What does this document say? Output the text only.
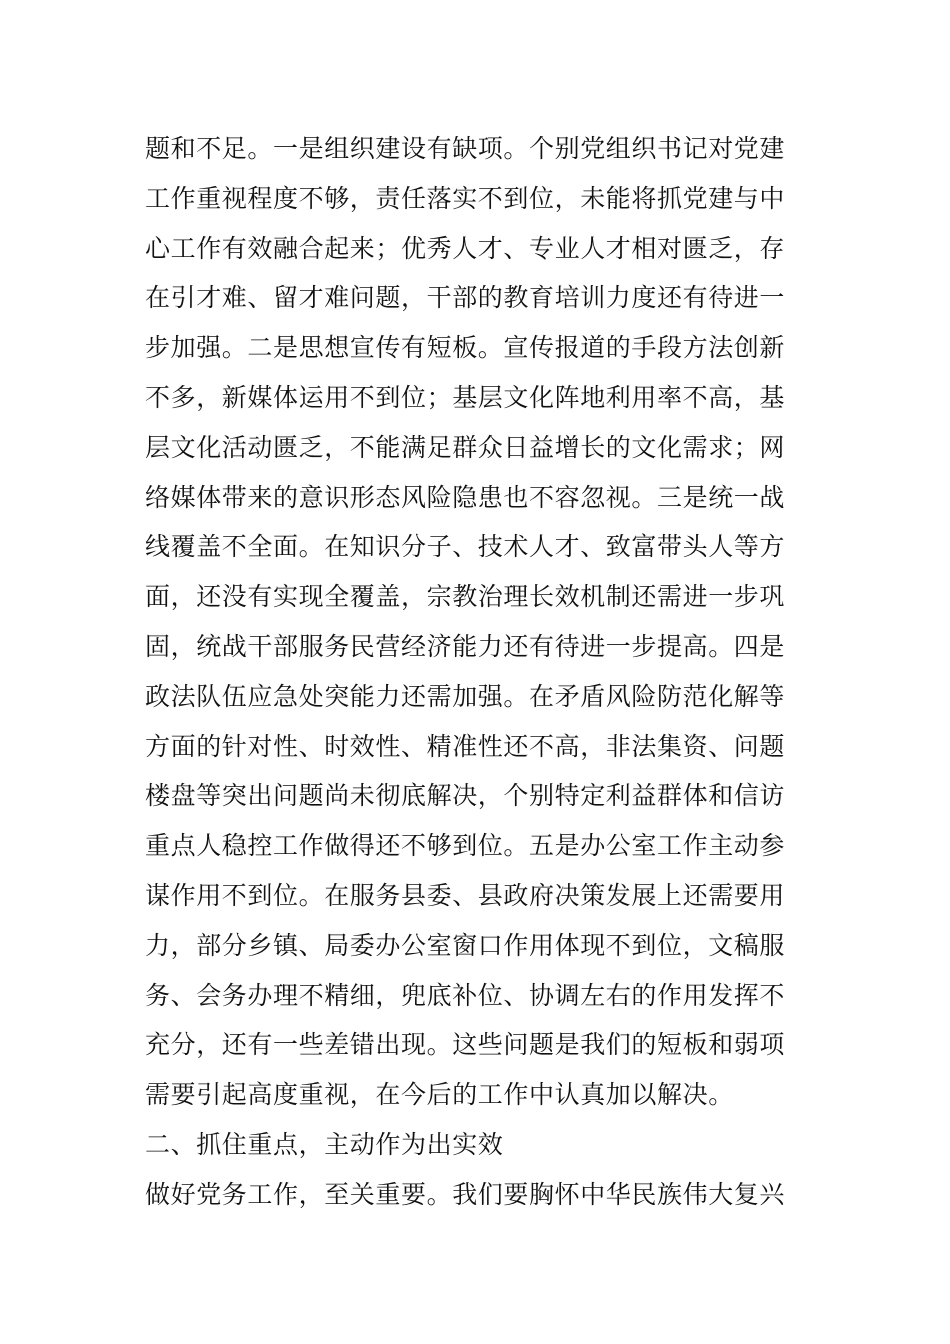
题和不足。一是组织建设有缺项。个别党组织书记对党建
工作重视程度不够，责任落实不到位，未能将抓党建与中
心工作有效融合起来；优秀人才、专业人才相对匮乏，存
在引才难、留才难问题，干部的教育培训力度还有待进一
步加强。二是思想宣传有短板。宣传报道的手段方法创新
不多，新媒体运用不到位；基层文化阵地利用率不高，基
层文化活动匮乏，不能满足群众日益增长的文化需求；网
络媒体带来的意识形态风险隐患也不容忽视。三是统一战
线覆盖不全面。在知识分子、技术人才、致富带头人等方
面，还没有实现全覆盖，宗教治理长效机制还需进一步巩
固，统战干部服务民营经济能力还有待进一步提高。四是
政法队伍应急处突能力还需加强。在矛盾风险防范化解等
方面的针对性、时效性、精准性还不高，非法集资、问题
楼盘等突出问题尚未彻底解决，个别特定利益群体和信访
重点人稳控工作做得还不够到位。五是办公室工作主动参
谋作用不到位。在服务县委、县政府决策发展上还需要用
力，部分乡镇、局委办公室窗口作用体现不到位，文稿服
务、会务办理不精细，兜底补位、协调左右的作用发挥不
充分，还有一些差错出现。这些问题是我们的短板和弱项
需要引起高度重视，在今后的工作中认真加以解决。
二、抓住重点，主动作为出实效
做好党务工作，至关重要。我们要胸怀中华民族伟大复兴
